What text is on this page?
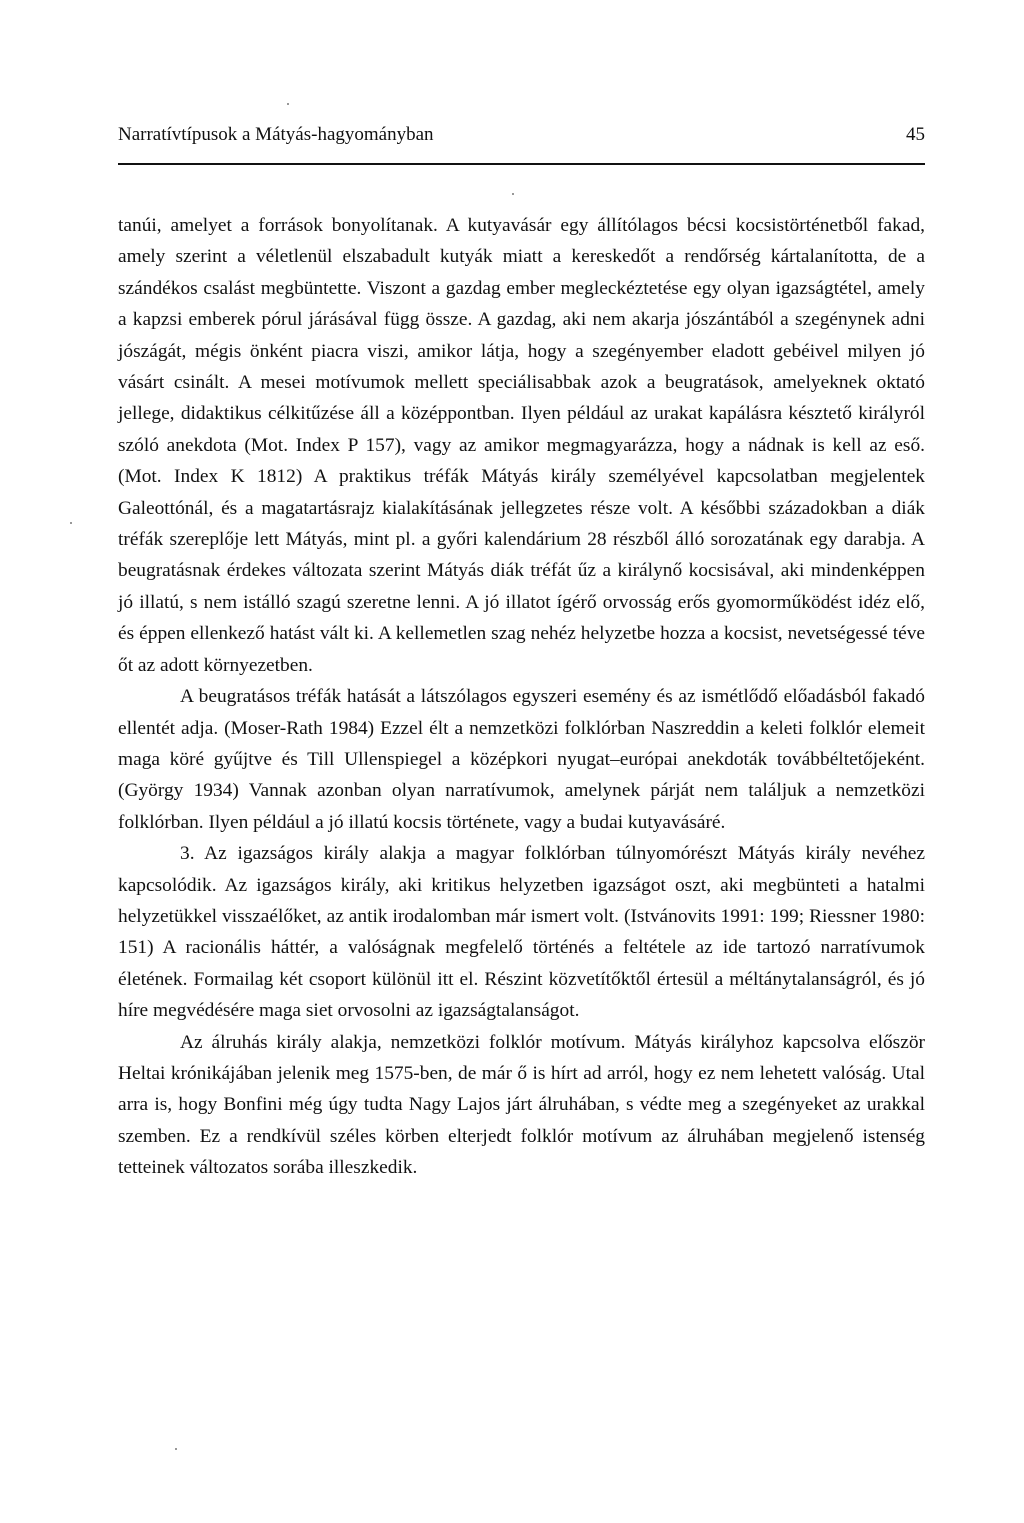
Narratívtípusok a Mátyás-hagyományban	45

tanúi, amelyet a források bonyolítanak. A kutyavásár egy állítólagos bécsi kocsistörténetből fakad, amely szerint a véletlenül elszabadult kutyák miatt a kereskedőt a rendőrség kártalanította, de a szándékos csalást megbüntette. Viszont a gazdag ember megleckéztetése egy olyan igazságtétel, amely a kapzsi emberek pórul járásával függ össze. A gazdag, aki nem akarja jószántából a szegénynek adni jószágát, mégis önként piacra viszi, amikor látja, hogy a szegényember eladott gebéivel milyen jó vásárt csinált. A mesei motívumok mellett speciálisabbak azok a beugratások, amelyeknek oktató jellege, didaktikus célkitűzése áll a középpontban. Ilyen például az urakat kapálásra késztető királyról szóló anekdota (Mot. Index P 157), vagy az amikor megmagyarázza, hogy a nádnak is kell az eső. (Mot. Index K 1812) A praktikus tréfák Mátyás király személyével kapcsolatban megjelentek Galeottónál, és a magatartásrajz kialakításának jellegzetes része volt. A későbbi századokban a diák tréfák szereplője lett Mátyás, mint pl. a győri kalendárium 28 részből álló sorozatának egy darabja. A beugratásnak érdekes változata szerint Mátyás diák tréfát űz a királynő kocsisával, aki mindenképpen jó illatú, s nem istálló szagú szeretne lenni. A jó illatot ígérő orvosság erős gyomorműködést idéz elő, és éppen ellenkező hatást vált ki. A kellemetlen szag nehéz helyzetbe hozza a kocsist, nevetségessé téve őt az adott környezetben.

A beugratásos tréfák hatását a látszólagos egyszeri esemény és az ismétlődő előadásból fakadó ellentét adja. (Moser-Rath 1984) Ezzel élt a nemzetközi folklórban Naszreddin a keleti folklór elemeit maga köré gyűjtve és Till Ullenspiegel a középkori nyugat–európai anekdoták továbbéltetőjeként. (György 1934) Vannak azonban olyan narratívumok, amelynek párját nem találjuk a nemzetközi folklórban. Ilyen például a jó illatú kocsis története, vagy a budai kutyavásáré.

3. Az igazságos király alakja a magyar folklórban túlnyomórészt Mátyás király nevéhez kapcsolódik. Az igazságos király, aki kritikus helyzetben igazságot oszt, aki megbünteti a hatalmi helyzetükkel visszaélőket, az antik irodalomban már ismert volt. (Istvánovits 1991: 199; Riessner 1980: 151) A racionális háttér, a valóságnak megfelelő történés a feltétele az ide tartozó narratívumok életének. Formailag két csoport különül itt el. Részint közvetítőktől értesül a méltánytalanságról, és jó híre megvédésére maga siet orvosolni az igazságtalanságot.

Az álruhás király alakja, nemzetközi folklór motívum. Mátyás királyhoz kapcsolva először Heltai krónikájában jelenik meg 1575-ben, de már ő is hírt ad arról, hogy ez nem lehetett valóság. Utal arra is, hogy Bonfini még úgy tudta Nagy Lajos járt álruhában, s védte meg a szegényeket az urakkal szemben. Ez a rendkívül széles körben elterjedt folklór motívum az álruhában megjelenő istenség tetteinek változatos sorába illeszkedik.
